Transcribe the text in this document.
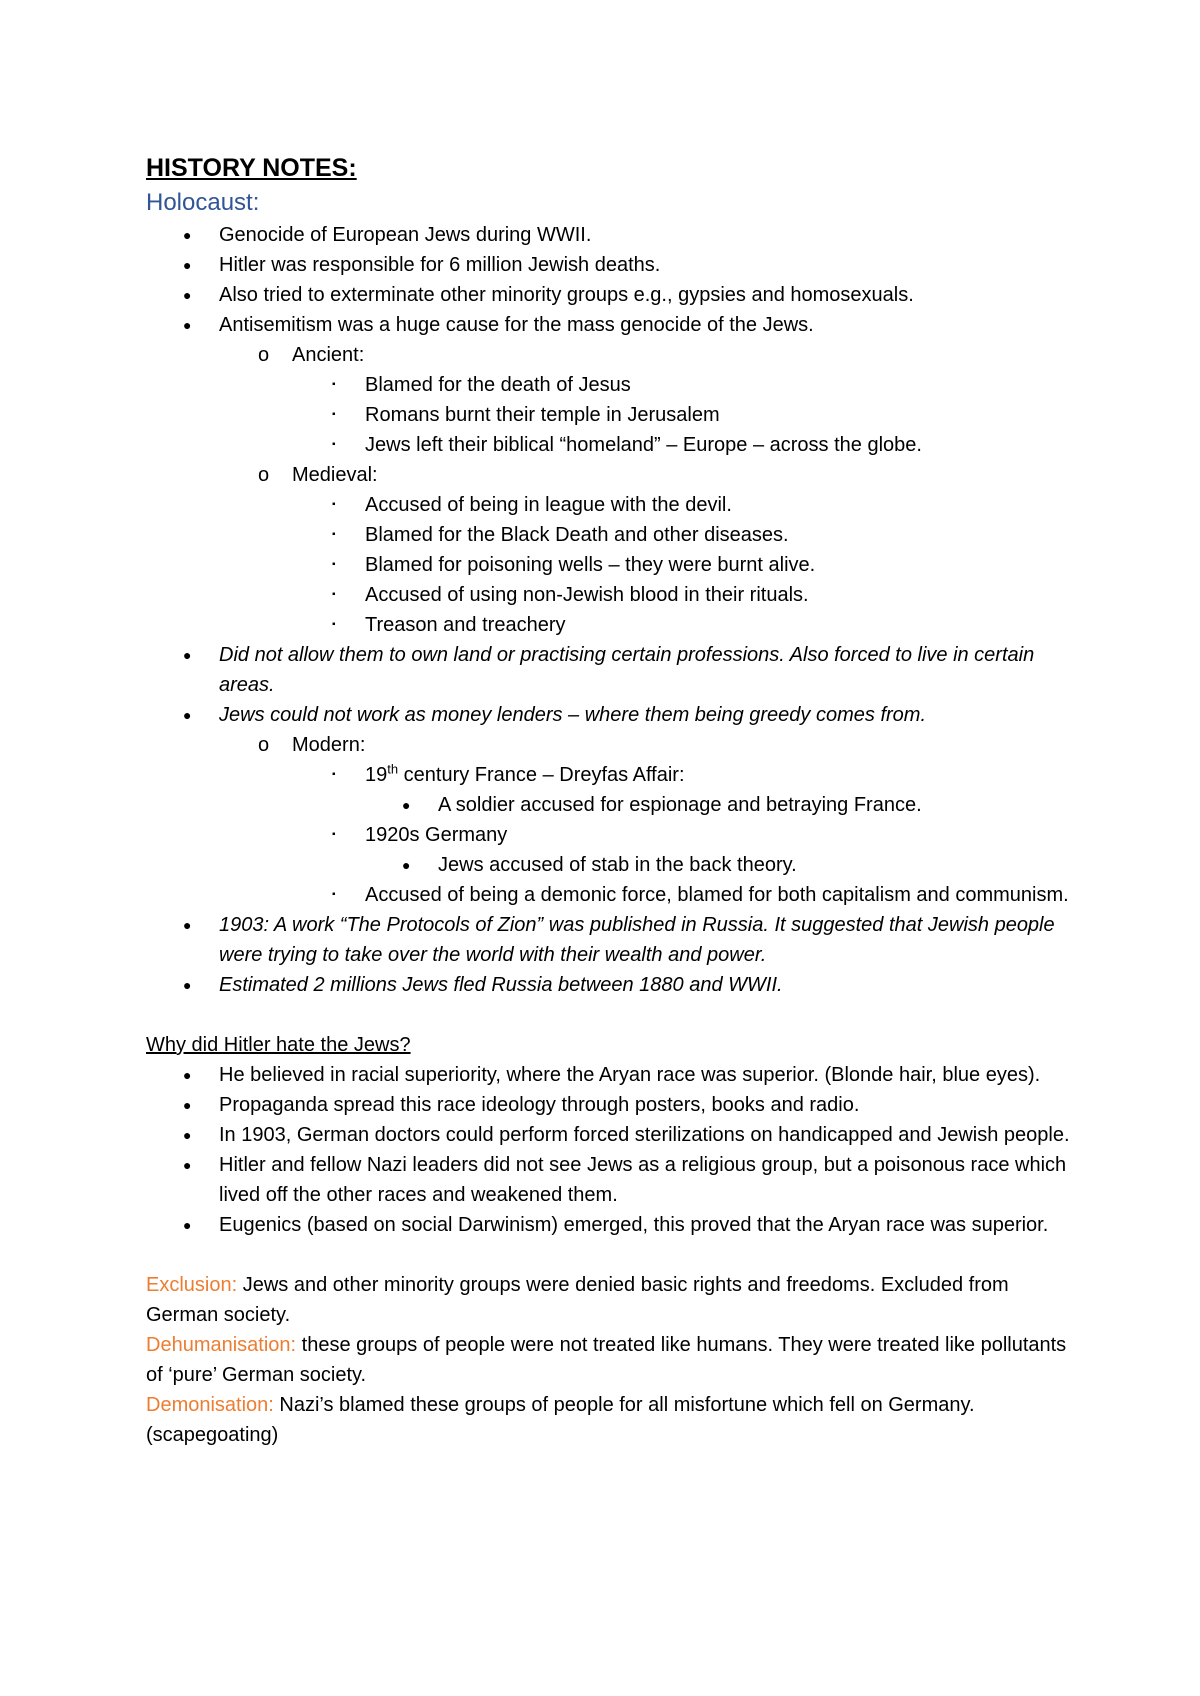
HISTORY NOTES:
Holocaust:
● Genocide of European Jews during WWII.
● Hitler was responsible for 6 million Jewish deaths.
● Also tried to exterminate other minority groups e.g., gypsies and homosexuals.
● Antisemitism was a huge cause for the mass genocide of the Jews.
o Ancient:
▪ Blamed for the death of Jesus
▪ Romans burnt their temple in Jerusalem
▪ Jews left their biblical “homeland” – Europe – across the globe.
o Medieval:
▪ Accused of being in league with the devil.
▪ Blamed for the Black Death and other diseases.
▪ Blamed for poisoning wells – they were burnt alive.
▪ Accused of using non-Jewish blood in their rituals.
▪ Treason and treachery
● Did not allow them to own land or practising certain professions. Also forced to live in certain areas.
● Jews could not work as money lenders – where them being greedy comes from.
o Modern:
▪ 19th century France – Dreyfas Affair:
● A soldier accused for espionage and betraying France.
▪ 1920s Germany
● Jews accused of stab in the back theory.
▪ Accused of being a demonic force, blamed for both capitalism and communism.
● 1903: A work “The Protocols of Zion” was published in Russia. It suggested that Jewish people were trying to take over the world with their wealth and power.
● Estimated 2 millions Jews fled Russia between 1880 and WWII.
Why did Hitler hate the Jews?
● He believed in racial superiority, where the Aryan race was superior. (Blonde hair, blue eyes).
● Propaganda spread this race ideology through posters, books and radio.
● In 1903, German doctors could perform forced sterilizations on handicapped and Jewish people.
● Hitler and fellow Nazi leaders did not see Jews as a religious group, but a poisonous race which lived off the other races and weakened them.
● Eugenics (based on social Darwinism) emerged, this proved that the Aryan race was superior.
Exclusion: Jews and other minority groups were denied basic rights and freedoms. Excluded from German society.
Dehumanisation: these groups of people were not treated like humans. They were treated like pollutants of ‘pure’ German society.
Demonisation: Nazi’s blamed these groups of people for all misfortune which fell on Germany. (scapegoating)
